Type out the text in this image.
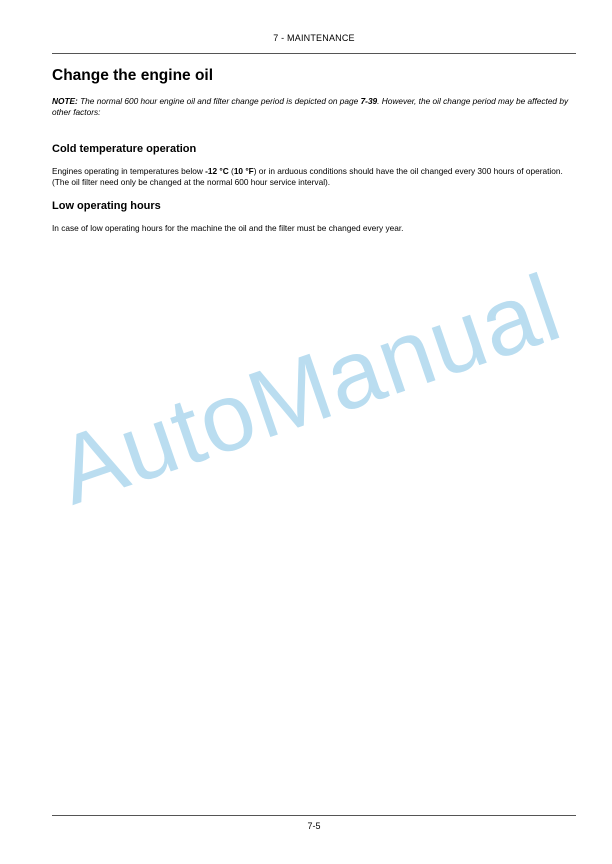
7 - MAINTENANCE
Change the engine oil

NOTE: The normal 600 hour engine oil and filter change period is depicted on page 7-39. However, the oil change period may be affected by other factors:

Cold temperature operation

Engines operating in temperatures below -12 °C (10 °F) or in arduous conditions should have the oil changed every 300 hours of operation. (The oil filter need only be changed at the normal 600 hour service interval).

Low operating hours

In case of low operating hours for the machine the oil and the filter must be changed every year.

AutoManual
7-5
